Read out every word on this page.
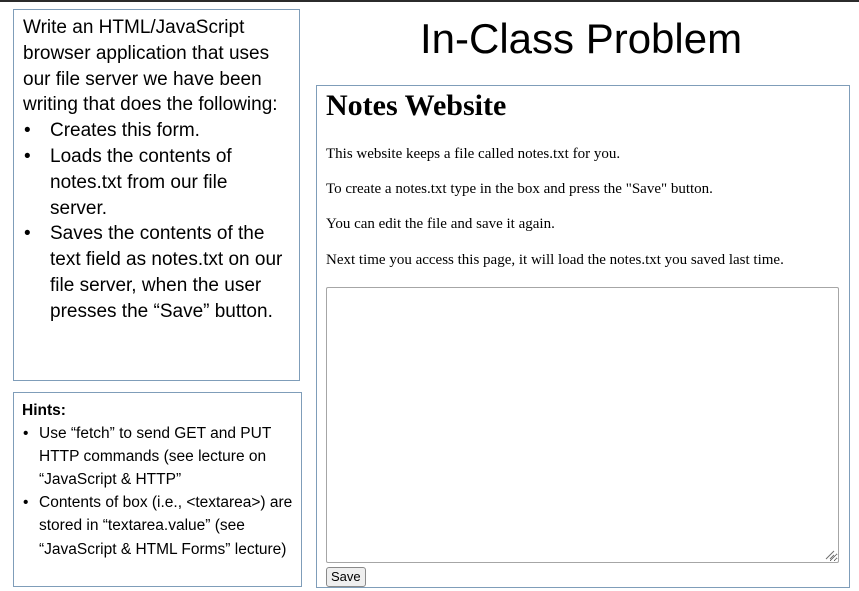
Write an HTML/JavaScript browser application that uses our file server we have been writing that does the following:
• Creates this form.
• Loads the contents of notes.txt from our file server.
• Saves the contents of the text field as notes.txt on our file server, when the user presses the “Save” button.
Hints:
• Use “fetch” to send GET and PUT HTTP commands (see lecture on “JavaScript & HTTP”
• Contents of box (i.e., <textarea>) are stored in “textarea.value” (see “JavaScript & HTML Forms” lecture)
In-Class Problem
Notes Website

This website keeps a file called notes.txt for you.

To create a notes.txt type in the box and press the "Save" button.

You can edit the file and save it again.

Next time you access this page, it will load the notes.txt you saved last time.

Save
